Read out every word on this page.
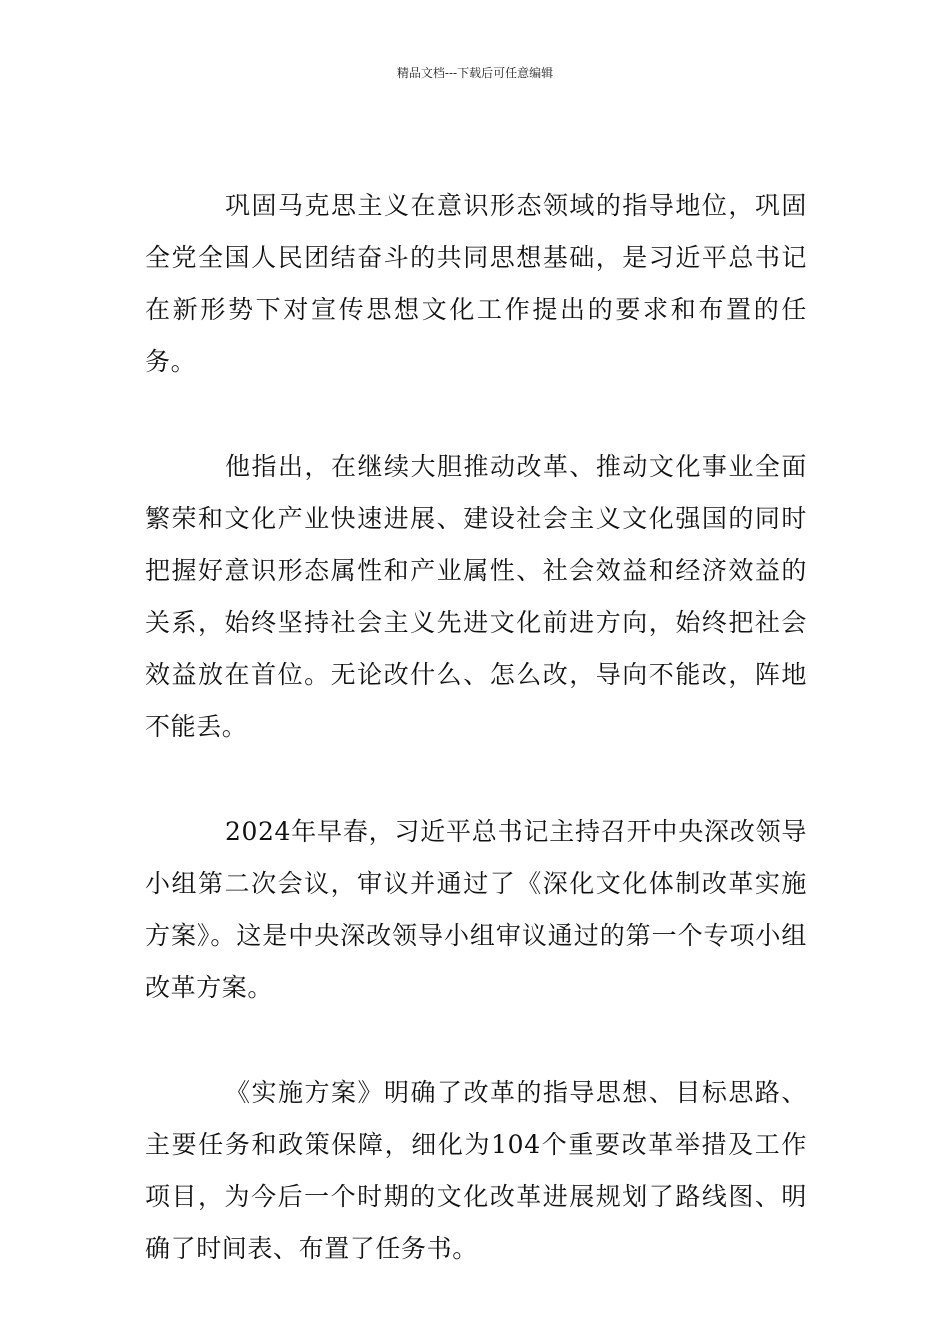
精品文档---下载后可任意编辑

巩固马克思主义在意识形态领域的指导地位，巩固全党全国人民团结奋斗的共同思想基础，是习近平总书记在新形势下对宣传思想文化工作提出的要求和布置的任务。

他指出，在继续大胆推动改革、推动文化事业全面繁荣和文化产业快速进展、建设社会主义文化强国的同时把握好意识形态属性和产业属性、社会效益和经济效益的关系，始终坚持社会主义先进文化前进方向，始终把社会效益放在首位。无论改什么、怎么改，导向不能改，阵地不能丢。

2024年早春，习近平总书记主持召开中央深改领导小组第二次会议，审议并通过了《深化文化体制改革实施方案》。这是中央深改领导小组审议通过的第一个专项小组改革方案。

《实施方案》明确了改革的指导思想、目标思路、主要任务和政策保障，细化为104个重要改革举措及工作项目，为今后一个时期的文化改革进展规划了路线图、明确了时间表、布置了任务书。
